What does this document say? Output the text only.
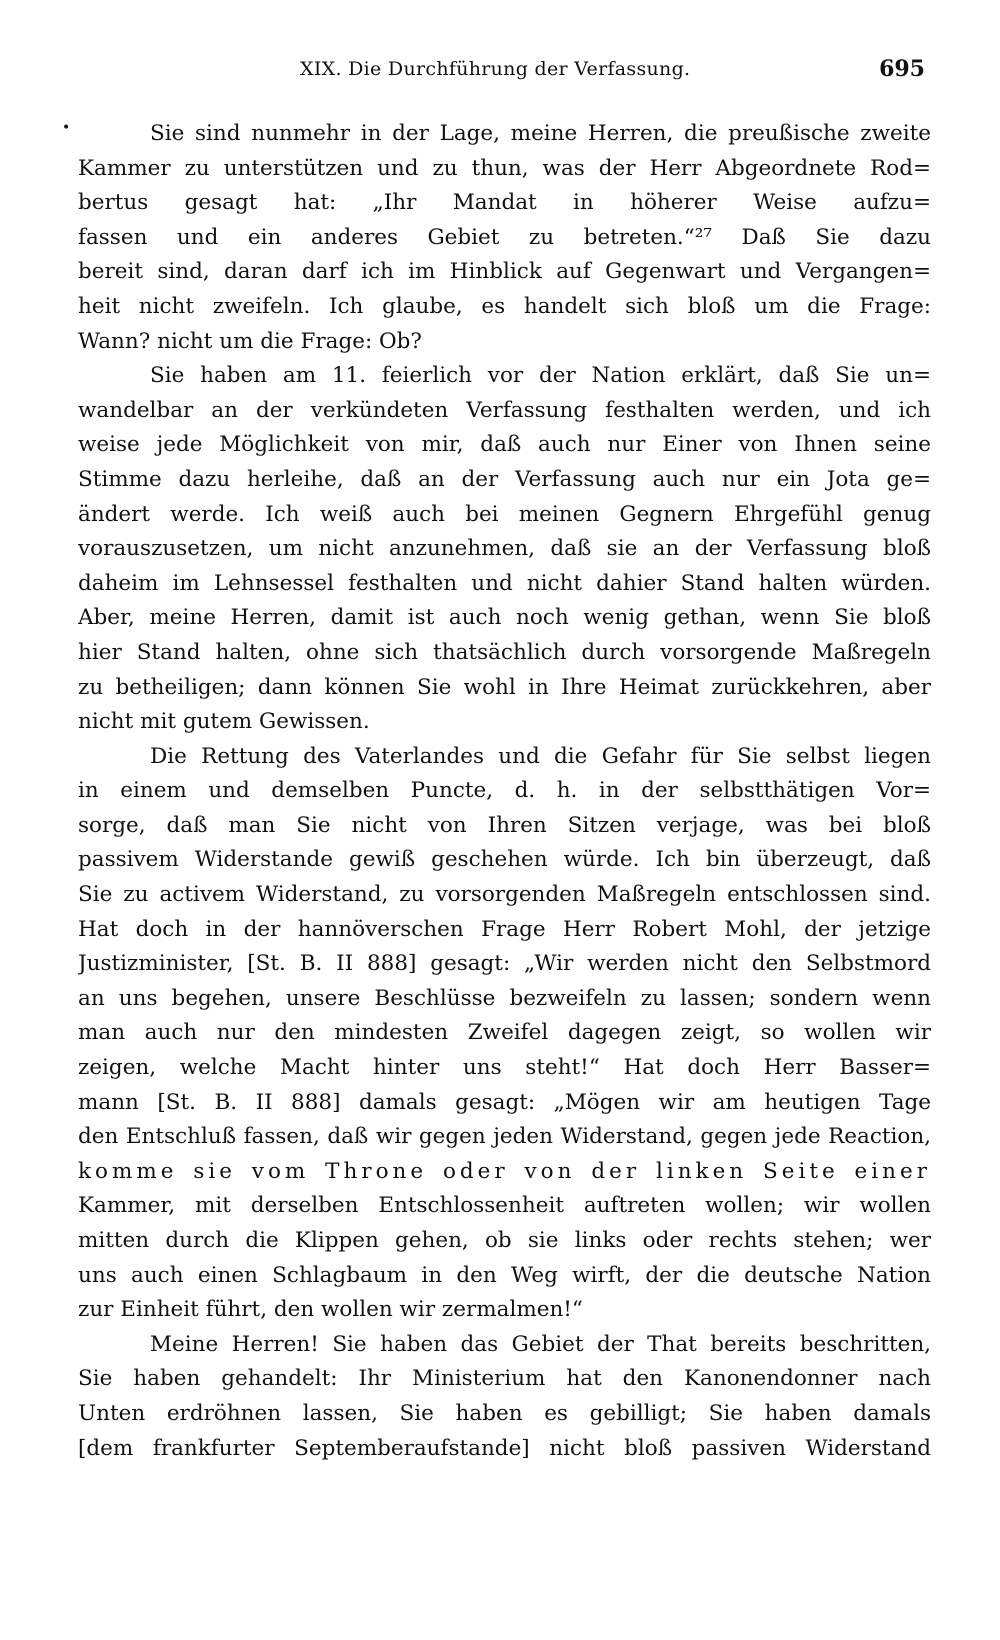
XIX. Die Durchführung der Verfassung.	695
•	Sie sind nunmehr in der Lage, meine Herren, die preußische zweite
Kammer zu unterstützen und zu thun, was der Herr Abgeordnete Rod=
bertus gesagt hat: „Ihr Mandat in höherer Weise aufzu=
fassen und ein anderes Gebiet zu betreten.“²⁷ Daß Sie dazu
bereit sind, daran darf ich im Hinblick auf Gegenwart und Vergangen=
heit nicht zweifeln. Ich glaube, es handelt sich bloß um die Frage:
Wann? nicht um die Frage: Ob?
Sie haben am 11. feierlich vor der Nation erklärt, daß Sie un=
wandelbar an der verkündeten Verfassung festhalten werden, und ich
weise jede Möglichkeit von mir, daß auch nur Einer von Ihnen seine
Stimme dazu herleihe, daß an der Verfassung auch nur ein Jota ge=
ändert werde. Ich weiß auch bei meinen Gegnern Ehrgefühl genug
vorauszusetzen, um nicht anzunehmen, daß sie an der Verfassung bloß
daheim im Lehnsessel festhalten und nicht dahier Stand halten würden.
Aber, meine Herren, damit ist auch noch wenig gethan, wenn Sie bloß
hier Stand halten, ohne sich thatsächlich durch vorsorgende Maßregeln
zu betheiligen; dann können Sie wohl in Ihre Heimat zurückkehren, aber
nicht mit gutem Gewissen.
Die Rettung des Vaterlandes und die Gefahr für Sie selbst liegen
in einem und demselben Puncte, d. h. in der selbstthätigen Vor=
sorge, daß man Sie nicht von Ihren Sitzen verjage, was bei bloß
passivem Widerstande gewiß geschehen würde. Ich bin überzeugt, daß
Sie zu activem Widerstand, zu vorsorgenden Maßregeln entschlossen sind.
Hat doch in der hannöverschen Frage Herr Robert Mohl, der jetzige
Justizminister, [St. B. II 888] gesagt: „Wir werden nicht den Selbstmord
an uns begehen, unsere Beschlüsse bezweifeln zu lassen; sondern wenn
man auch nur den mindesten Zweifel dagegen zeigt, so wollen wir
zeigen, welche Macht hinter uns steht!“ Hat doch Herr Basser=
mann [St. B. II 888] damals gesagt: „Mögen wir am heutigen Tage
den Entschluß fassen, daß wir gegen jeden Widerstand, gegen jede Reaction,
komme sie vom Throne oder von der linken Seite einer
Kammer, mit derselben Entschlossenheit auftreten wollen; wir wollen
mitten durch die Klippen gehen, ob sie links oder rechts stehen; wer
uns auch einen Schlagbaum in den Weg wirft, der die deutsche Nation
zur Einheit führt, den wollen wir zermalmen!“
Meine Herren! Sie haben das Gebiet der That bereits beschritten,
Sie haben gehandelt: Ihr Ministerium hat den Kanonendonner nach
Unten erdröhnen lassen, Sie haben es gebilligt; Sie haben damals
[dem frankfurter Septemberaufstande] nicht bloß passiven Widerstand
